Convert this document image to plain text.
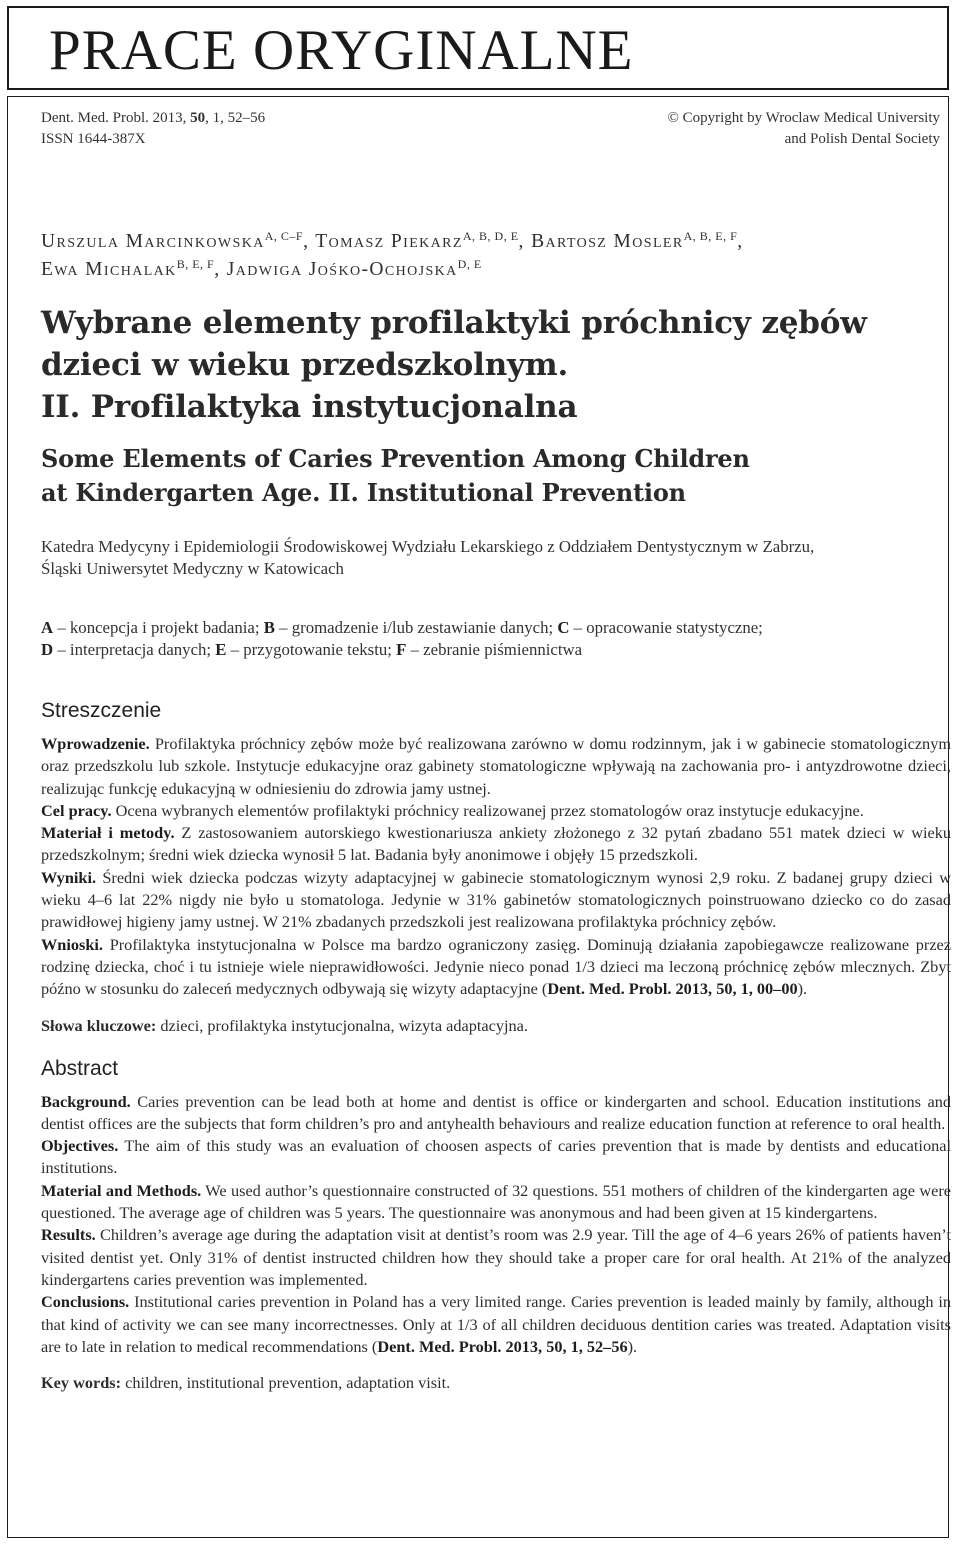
PRACE ORYGINALNE
Dent. Med. Probl. 2013, 50, 1, 52–56
ISSN 1644-387X
© Copyright by Wroclaw Medical University
and Polish Dental Society
Urszula Marcinkowska$^{A, C-F}$, Tomasz Piekarz$^{A, B, D, E}$, Bartosz Mosler$^{A, B, E, F}$,
Ewa Michalak$^{B, E, F}$, Jadwiga Jośko-Ochojska$^{D, E}$
Wybrane elementy profilaktyki próchnicy zębów
dzieci w wieku przedszkolnym.
II. Profilaktyka instytucjonalna
Some Elements of Caries Prevention Among Children
at Kindergarten Age. II. Institutional Prevention
Katedra Medycyny i Epidemiologii Środowiskowej Wydziału Lekarskiego z Oddziałem Dentystycznym w Zabrzu,
Śląski Uniwersytet Medyczny w Katowicach
A – koncepcja i projekt badania; B – gromadzenie i/lub zestawianie danych; C – opracowanie statystyczne;
D – interpretacja danych; E – przygotowanie tekstu; F – zebranie piśmiennictwa
Streszczenie

Wprowadzenie. Profilaktyka próchnicy zębów może być realizowana zarówno w domu rodzinnym, jak i w gabinecie stomatologicznym oraz przedszkolu lub szkole. Instytucje edukacyjne oraz gabinety stomatologiczne wpływają na zachowania pro- i antyzdrowotne dzieci, realizując funkcję edukacyjną w odniesieniu do zdrowia jamy ustnej.

Cel pracy. Ocena wybranych elementów profilaktyki próchnicy realizowanej przez stomatologów oraz instytucje edukacyjne.

Materiał i metody. Z zastosowaniem autorskiego kwestionariusza ankiety złożonego z 32 pytań zbadano 551 matek dzieci w wieku przedszkolnym; średni wiek dziecka wynosił 5 lat. Badania były anonimowe i objęły 15 przedszkoli.

Wyniki. Średni wiek dziecka podczas wizyty adaptacyjnej w gabinecie stomatologicznym wynosi 2,9 roku. Z badanej grupy dzieci w wieku 4–6 lat 22% nigdy nie było u stomatologa. Jedynie w 31% gabinetów stomatologicznych poinstruowano dziecko co do zasad prawidłowej higieny jamy ustnej. W 21% zbadanych przedszkoli jest realizowana profilaktyka próchnicy zębów.

Wnioski. Profilaktyka instytucjonalna w Polsce ma bardzo ograniczony zasięg. Dominują działania zapobiegawcze realizowane przez rodzinę dziecka, choć i tu istnieje wiele nieprawidłowości. Jedynie nieco ponad 1/3 dzieci ma leczoną próchnicę zębów mlecznych. Zbyt późno w stosunku do zaleceń medycznych odbywają się wizyty adaptacyjne (Dent. Med. Probl. 2013, 50, 1, 00–00).

Słowa kluczowe: dzieci, profilaktyka instytucjonalna, wizyta adaptacyjna.
Abstract

Background. Caries prevention can be lead both at home and dentist is office or kindergarten and school. Education institutions and dentist offices are the subjects that form children’s pro and antyhealth behaviours and realize education function at reference to oral health.

Objectives. The aim of this study was an evaluation of choosen aspects of caries prevention that is made by dentists and educational institutions.

Material and Methods. We used author’s questionnaire constructed of 32 questions. 551 mothers of children of the kindergarten age were questioned. The average age of children was 5 years. The questionnaire was anonymous and had been given at 15 kindergartens.

Results. Children’s average age during the adaptation visit at dentist’s room was 2.9 year. Till the age of 4–6 years 26% of patients haven’t visited dentist yet. Only 31% of dentist instructed children how they should take a proper care for oral health. At 21% of the analyzed kindergartens caries prevention was implemented.

Conclusions. Institutional caries prevention in Poland has a very limited range. Caries prevention is leaded mainly by family, although in that kind of activity we can see many incorrectnesses. Only at 1/3 of all children deciduous dentition caries was treated. Adaptation visits are to late in relation to medical recommendations (Dent. Med. Probl. 2013, 50, 1, 52–56).

Key words: children, institutional prevention, adaptation visit.
